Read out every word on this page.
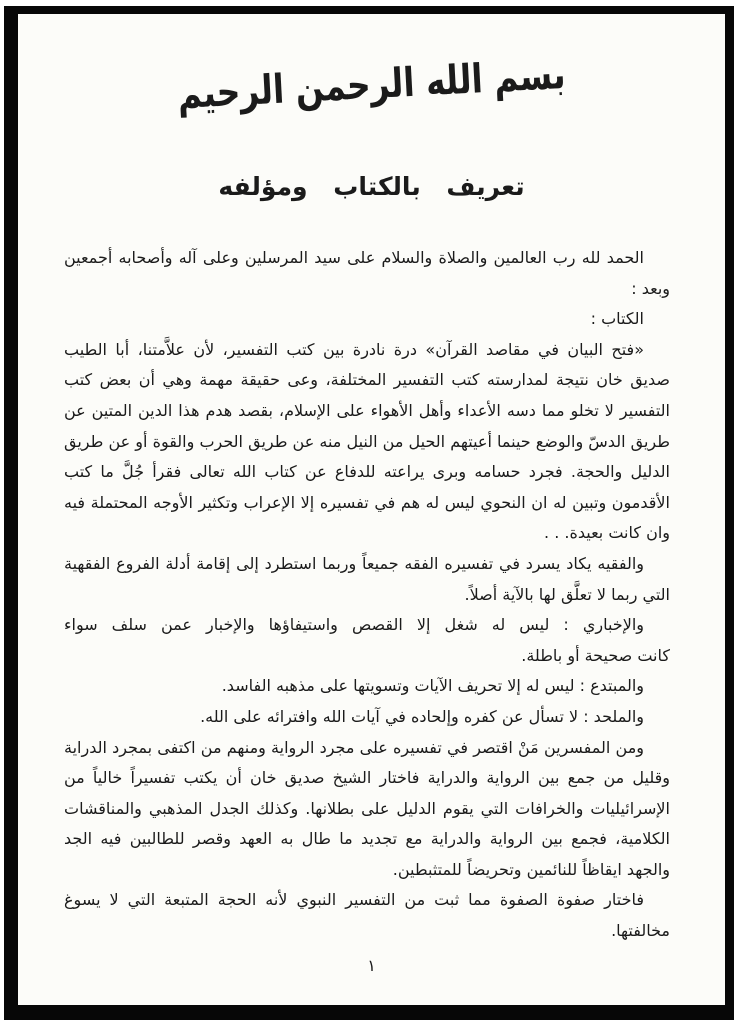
بسم الله الرحمن الرحيم
تعريف بالكتاب ومؤلفه
الحمد لله رب العالمين والصلاة والسلام على سيد المرسلين وعلى آله وأصحابه أجمعين
وبعد :
الكتاب :
«فتح البيان في مقاصد القرآن» درة نادرة بين كتب التفسير، لأن علاَّمتنا، أبا الطيب
صديق خان نتيجة لمدارسته كتب التفسير المختلفة، وعى حقيقة مهمة وهي أن بعض كتب
التفسير لا تخلو مما دسه الأعداء وأهل الأهواء على الإسلام، بقصد هدم هذا الدين المتين عن
طريق الدسّ والوضع حينما أعيتهم الحيل من النيل منه عن طريق الحرب والقوة أو عن طريق
الدليل والحجة. فجرد حسامه وبرى يراعته للدفاع عن كتاب الله تعالى فقرأ جُلَّ ما كتب
الأقدمون وتبين له ان النحوي ليس له هم في تفسيره إلا الإعراب وتكثير الأوجه المحتملة فيه
وان كانت بعيدة. . .
والفقيه يكاد يسرد في تفسيره الفقه جميعاً وربما استطرد إلى إقامة أدلة الفروع الفقهية
التي ربما لا تعلَّق لها بالآية أصلاً.
والإخباري : ليس له شغل إلا القصص واستيفاؤها والإخبار عمن سلف سواء
كانت صحيحة أو باطلة.
والمبتدع : ليس له إلا تحريف الآيات وتسويتها على مذهبه الفاسد.
والملحد : لا تسأل عن كفره وإلحاده في آيات الله وافترائه على الله.
ومن المفسرين مَنْ اقتصر في تفسيره على مجرد الرواية ومنهم من اكتفى بمجرد الدراية
وقليل من جمع بين الرواية والدراية فاختار الشيخ صديق خان أن يكتب تفسيراً خالياً من
الإسرائيليات والخرافات التي يقوم الدليل على بطلانها. وكذلك الجدل المذهبي والمناقشات
الكلامية، فجمع بين الرواية والدراية مع تجديد ما طال به العهد وقصر للطالبين فيه الجد
والجهد ايقاظاً للنائمين وتحريضاً للمتثبطين.
فاختار صفوة الصفوة مما ثبت من التفسير النبوي لأنه الحجة المتبعة التي لا يسوغ
مخالفتها.
١
